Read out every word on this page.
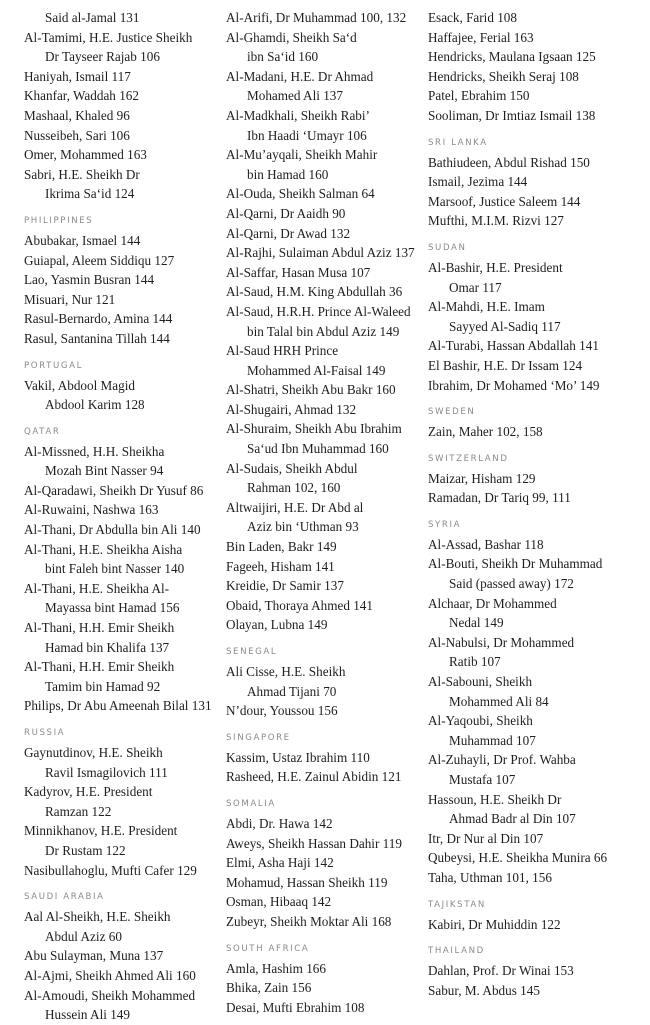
Said al-Jamal 131
Al-Tamimi, H.E. Justice Sheikh
Dr Tayseer Rajab 106
Haniyah, Ismail 117
Khanfar, Waddah 162
Mashaal, Khaled 96
Nusseibeh, Sari 106
Omer, Mohammed 163
Sabri, H.E. Sheikh Dr
Ikrima Sa‘id 124
PHILIPPINES
Abubakar, Ismael 144
Guiapal, Aleem Siddiqu 127
Lao, Yasmin Busran 144
Misuari, Nur 121
Rasul-Bernardo, Amina 144
Rasul, Santanina Tillah 144
PORTUGAL
Vakil, Abdool Magid
Abdool Karim 128
QATAR
Al-Missned, H.H. Sheikha
Mozah Bint Nasser 94
Al-Qaradawi, Sheikh Dr Yusuf 86
Al-Ruwaini, Nashwa 163
Al-Thani, Dr Abdulla bin Ali 140
Al-Thani, H.E. Sheikha Aisha
bint Faleh bint Nasser 140
Al-Thani, H.E. Sheikha Al-
Mayassa bint Hamad 156
Al-Thani, H.H. Emir Sheikh
Hamad bin Khalifa 137
Al-Thani, H.H. Emir Sheikh
Tamim bin Hamad 92
Philips, Dr Abu Ameenah Bilal 131
RUSSIA
Gaynutdinov, H.E. Sheikh
Ravil Ismagilovich 111
Kadyrov, H.E. President
Ramzan 122
Minnikhanov, H.E. President
Dr Rustam 122
Nasibullahoglu, Mufti Cafer 129
SAUDI ARABIA
Aal Al-Sheikh, H.E. Sheikh
Abdul Aziz 60
Abu Sulayman, Muna 137
Al-Ajmi, Sheikh Ahmed Ali 160
Al-Amoudi, Sheikh Mohammed
Hussein Ali 149
Al-Arifi, Dr Muhammad 100, 132
Al-Ghamdi, Sheikh Sa‘d
ibn Sa‘id 160
Al-Madani, H.E. Dr Ahmad
Mohamed Ali 137
Al-Madkhali, Sheikh Rabi’
Ibn Haadi ‘Umayr 106
Al-Mu’ayqali, Sheikh Mahir
bin Hamad 160
Al-Ouda, Sheikh Salman 64
Al-Qarni, Dr Aaidh 90
Al-Qarni, Dr Awad 132
Al-Rajhi, Sulaiman Abdul Aziz 137
Al-Saffar, Hasan Musa 107
Al-Saud, H.M. King Abdullah 36
Al-Saud, H.R.H. Prince Al-Waleed
bin Talal bin Abdul Aziz 149
Al-Saud HRH Prince
Mohammed Al-Faisal 149
Al-Shatri, Sheikh Abu Bakr 160
Al-Shugairi, Ahmad 132
Al-Shuraim, Sheikh Abu Ibrahim
Sa‘ud Ibn Muhammad 160
Al-Sudais, Sheikh Abdul
Rahman 102, 160
Altwaijiri, H.E. Dr Abd al
Aziz bin ‘Uthman 93
Bin Laden, Bakr 149
Fageeh, Hisham 141
Kreidie, Dr Samir 137
Obaid, Thoraya Ahmed 141
Olayan, Lubna 149
SENEGAL
Ali Cisse, H.E. Sheikh
Ahmad Tijani 70
N’dour, Youssou 156
SINGAPORE
Kassim, Ustaz Ibrahim 110
Rasheed, H.E. Zainul Abidin 121
SOMALIA
Abdi, Dr. Hawa 142
Aweys, Sheikh Hassan Dahir 119
Elmi, Asha Haji 142
Mohamud, Hassan Sheikh 119
Osman, Hibaaq 142
Zubeyr, Sheikh Moktar Ali 168
SOUTH AFRICA
Amla, Hashim 166
Bhika, Zain 156
Desai, Mufti Ebrahim 108
Esack, Farid 108
Haffajee, Ferial 163
Hendricks, Maulana Igsaan 125
Hendricks, Sheikh Seraj 108
Patel, Ebrahim 150
Sooliman, Dr Imtiaz Ismail 138
SRI LANKA
Bathiudeen, Abdul Rishad 150
Ismail, Jezima 144
Marsoof, Justice Saleem 144
Mufthi, M.I.M. Rizvi 127
SUDAN
Al-Bashir, H.E. President
Omar 117
Al-Mahdi, H.E. Imam
Sayyed Al-Sadiq 117
Al-Turabi, Hassan Abdallah 141
El Bashir, H.E. Dr Issam 124
Ibrahim, Dr Mohamed ‘Mo’ 149
SWEDEN
Zain, Maher 102, 158
SWITZERLAND
Maizar, Hisham 129
Ramadan, Dr Tariq 99, 111
SYRIA
Al-Assad, Bashar 118
Al-Bouti, Sheikh Dr Muhammad
Said (passed away) 172
Alchaar, Dr Mohammed
Nedal 149
Al-Nabulsi, Dr Mohammed
Ratib 107
Al-Sabouni, Sheikh
Mohammed Ali 84
Al-Yaqoubi, Sheikh
Muhammad 107
Al-Zuhayli, Dr Prof. Wahba
Mustafa 107
Hassoun, H.E. Sheikh Dr
Ahmad Badr al Din 107
Itr, Dr Nur al Din 107
Qubeysi, H.E. Sheikha Munira 66
Taha, Uthman 101, 156
TAJIKSTAN
Kabiri, Dr Muhiddin 122
THAILAND
Dahlan, Prof. Dr Winai 153
Sabur, M. Abdus 145
